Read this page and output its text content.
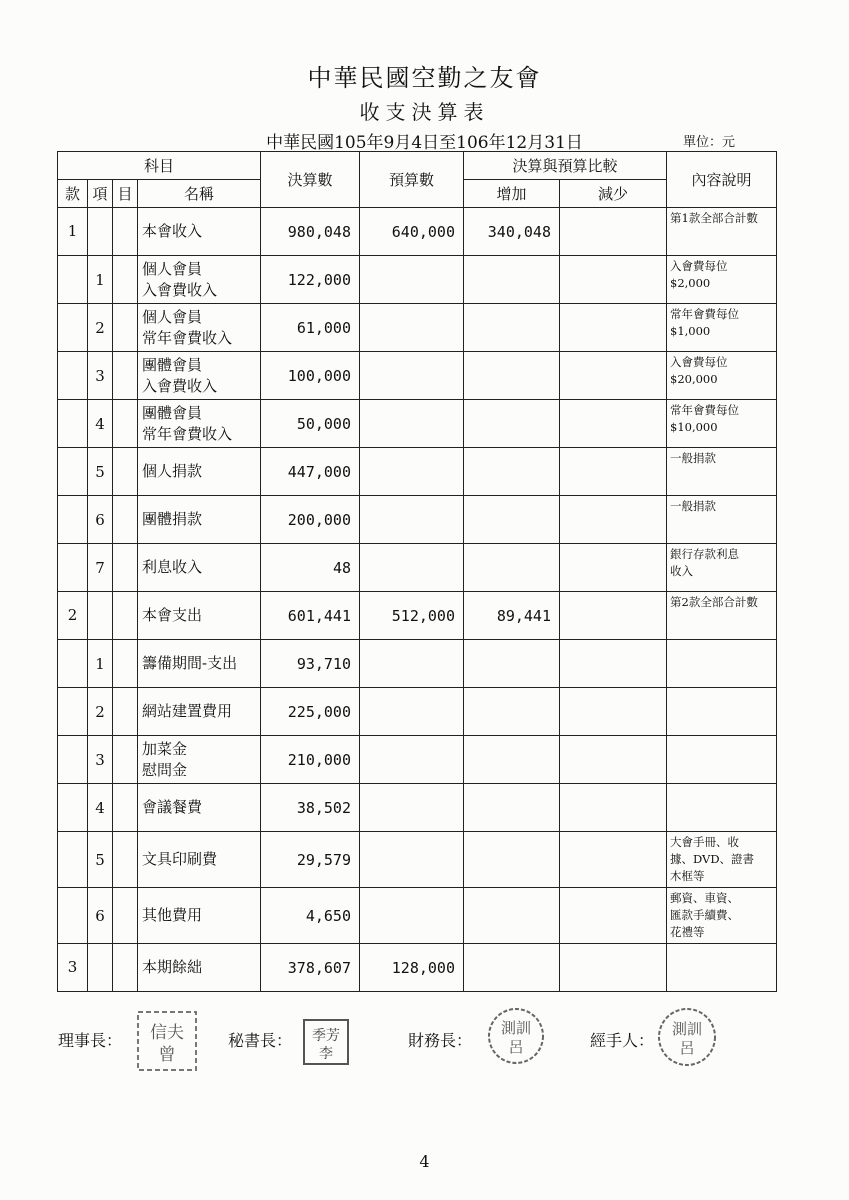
中華民國空勤之友會
收支決算表
中華民國105年9月4日至106年12月31日	單位：元
科目				決算數	預算數	決算與預算比較		內容說明
款	項	目	名稱			增加	減少	
1			本會收入	980,048	640,000	340,048		第1款全部合計數
	1		個人會員
入會費收入	122,000				入會費每位
$2,000
	2		個人會員
常年會費收入	61,000				常年會費每位
$1,000
	3		團體會員
入會費收入	100,000				入會費每位
$20,000
	4		團體會員
常年會費收入	50,000				常年會費每位
$10,000
	5		個人捐款	447,000				一般捐款
	6		團體捐款	200,000				一般捐款
	7		利息收入	48				銀行存款利息
收入
2			本會支出	601,441	512,000	89,441		第2款全部合計數
	1		籌備期間-支出	93,710				
	2		網站建置費用	225,000				
	3		加菜金
慰問金	210,000				
	4		會議餐費	38,502				
	5		文具印刷費	29,579				大會手冊、收
據、DVD、證書
木框等
	6		其他費用	4,650				郵資、車資、
匯款手續費、
花禮等
3			本期餘絀	378,607	128,000			
理事長： 信夫
曾
秘書長： 季芳
李
財務長：
測訓
呂	經手人：
測訓
呂
4
